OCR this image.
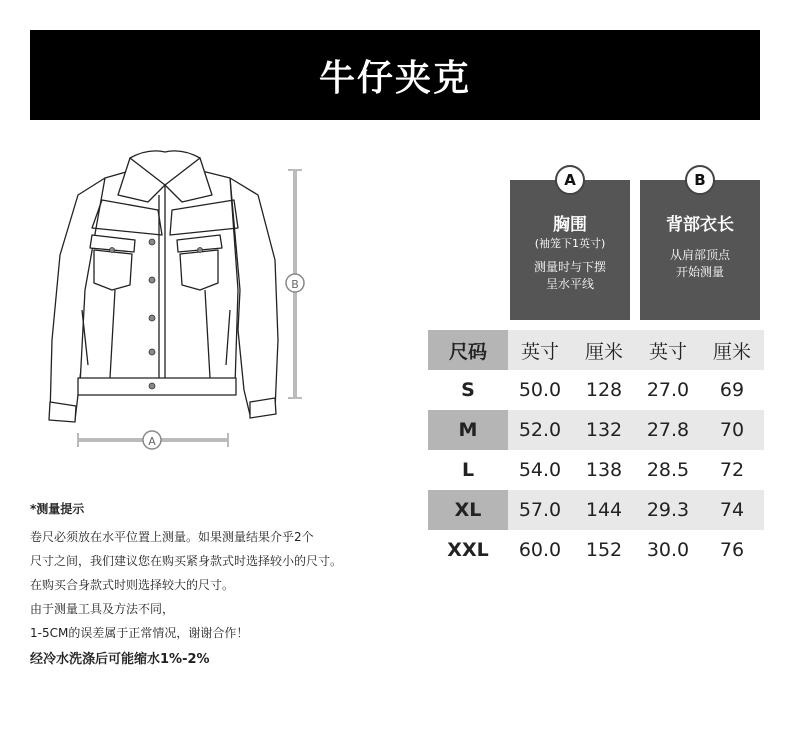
牛仔夹克
B
A
A
胸围
(袖笼下1英寸)
测量时与下摆
呈水平线
B
背部衣长
从肩部顶点
开始测量
尺码	英寸	厘米	英寸	厘米
S	50.0	128	27.0	69
M	52.0	132	27.8	70
L	54.0	138	28.5	72
XL	57.0	144	29.3	74
XXL	60.0	152	30.0	76
*测量提示
卷尺必须放在水平位置上测量。如果测量结果介乎2个
尺寸之间，我们建议您在购买紧身款式时选择较小的尺寸。
在购买合身款式时则选择较大的尺寸。
由于测量工具及方法不同，
1-5CM的误差属于正常情况，谢谢合作！
经冷水洗涤后可能缩水1%-2%
